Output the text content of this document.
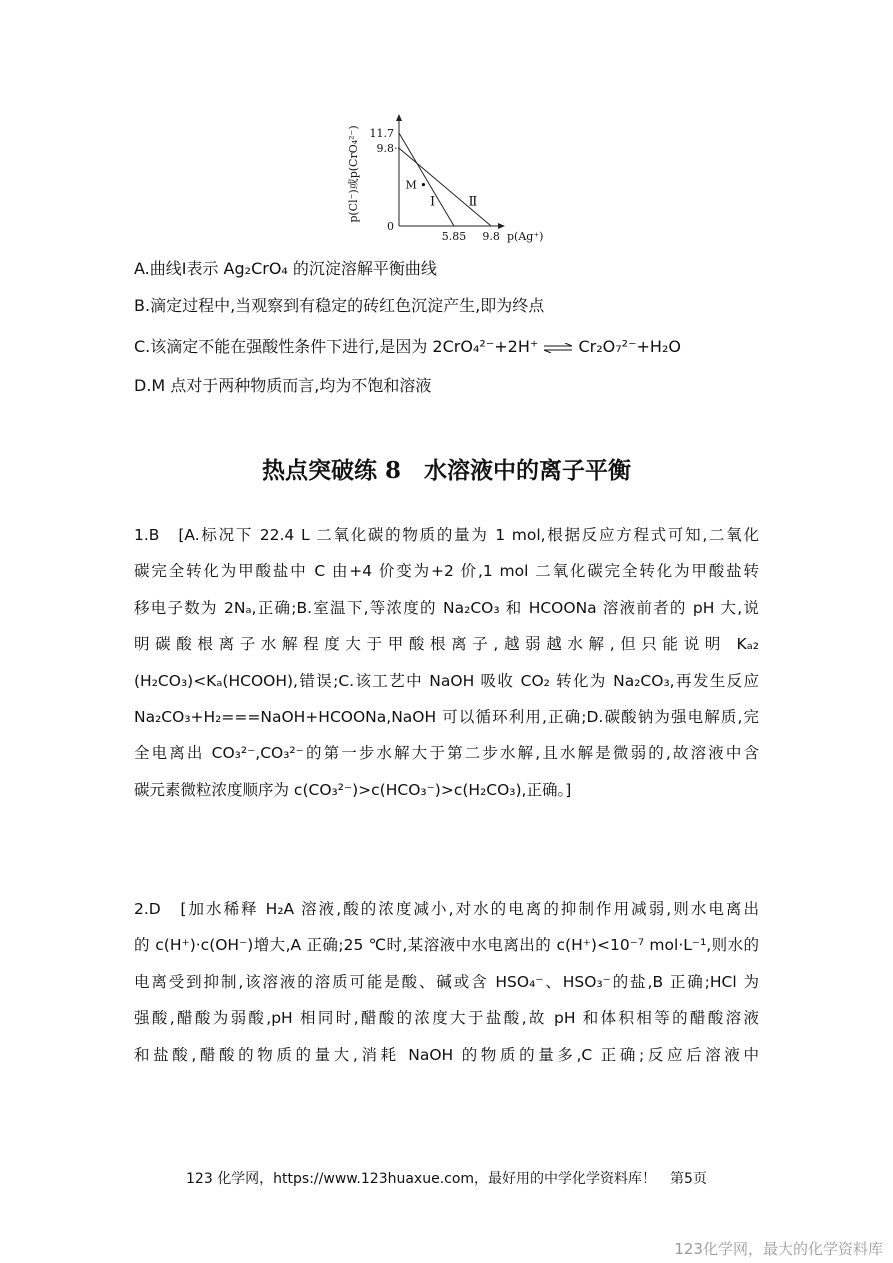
11.7
9.8
0
5.85 9.8 p(Ag⁺)
p(Cl⁻)或p(CrO₄²⁻)	Ⅰ	Ⅱ
M
A.曲线Ⅰ表示 Ag₂CrO₄ 的沉淀溶解平衡曲线
B.滴定过程中,当观察到有稳定的砖红色沉淀产生,即为终点
C.该滴定不能在强酸性条件下进行,是因为 2CrO₄²⁻+2H⁺ ⇌ Cr₂O₇²⁻+H₂O
D.M 点对于两种物质而言,均为不饱和溶液
热点突破练 8　水溶液中的离子平衡
1.B　[A.标况下 22.4 L 二氧化碳的物质的量为 1 mol,根据反应方程式可知,二氧化
碳完全转化为甲酸盐中 C 由+4 价变为+2 价,1 mol 二氧化碳完全转化为甲酸盐转
移电子数为 2Nₐ,正确;B.室温下,等浓度的 Na₂CO₃ 和 HCOONa 溶液前者的 pH 大,说
明碳酸根离子水解程度大于甲酸根离子,越弱越水解,但只能说明 Kₐ₂
(H₂CO₃)<Kₐ(HCOOH),错误;C.该工艺中 NaOH 吸收 CO₂ 转化为 Na₂CO₃,再发生反应
Na₂CO₃+H₂===NaOH+HCOONa,NaOH 可以循环利用,正确;D.碳酸钠为强电解质,完
全电离出 CO₃²⁻,CO₃²⁻的第一步水解大于第二步水解,且水解是微弱的,故溶液中含
碳元素微粒浓度顺序为 c(CO₃²⁻)>c(HCO₃⁻)>c(H₂CO₃),正确。]
2.D　[加水稀释 H₂A 溶液,酸的浓度减小,对水的电离的抑制作用减弱,则水电离出
的 c(H⁺)·c(OH⁻)增大,A 正确;25 ℃时,某溶液中水电离出的 c(H⁺)<10⁻⁷ mol·L⁻¹,则水的
电离受到抑制,该溶液的溶质可能是酸、碱或含 HSO₄⁻、HSO₃⁻的盐,B 正确;HCl 为
强酸,醋酸为弱酸,pH 相同时,醋酸的浓度大于盐酸,故 pH 和体积相等的醋酸溶液
和盐酸,醋酸的物质的量大,消耗 NaOH 的物质的量多,C 正确;反应后溶液中
123 化学网，https://www.123huaxue.com，最好用的中学化学资料库！　第5页
123化学网，最大的化学资料库
